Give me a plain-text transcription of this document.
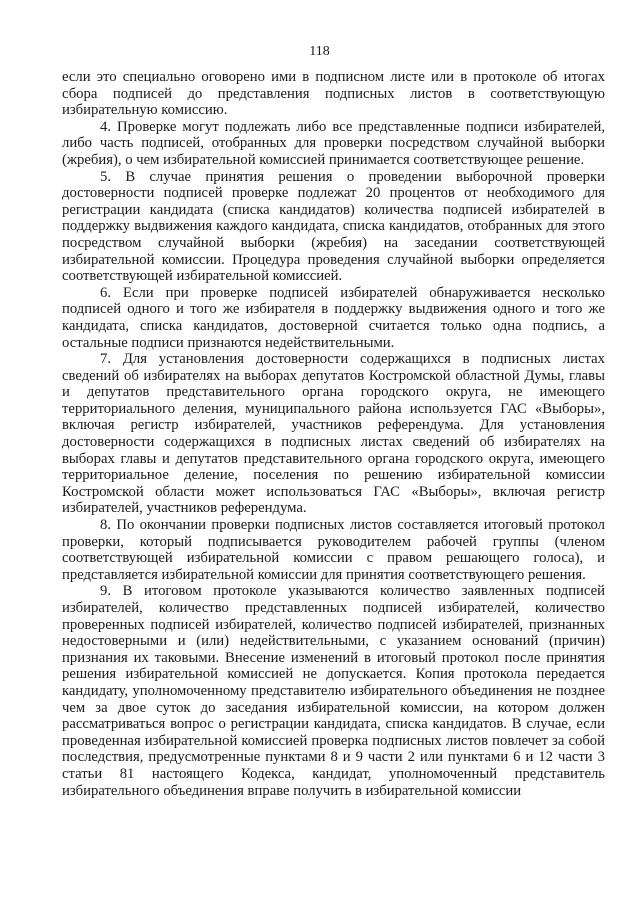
118

если это специально оговорено ими в подписном листе или в протоколе об итогах сбора подписей до представления подписных листов в соответствующую избирательную комиссию.

4. Проверке могут подлежать либо все представленные подписи избирателей, либо часть подписей, отобранных для проверки посредством случайной выборки (жребия), о чем избирательной комиссией принимается соответствующее решение.

5. В случае принятия решения о проведении выборочной проверки достоверности подписей проверке подлежат 20 процентов от необходимого для регистрации кандидата (списка кандидатов) количества подписей избирателей в поддержку выдвижения каждого кандидата, списка кандидатов, отобранных для этого посредством случайной выборки (жребия) на заседании соответствующей избирательной комиссии. Процедура проведения случайной выборки определяется соответствующей избирательной комиссией.

6. Если при проверке подписей избирателей обнаруживается несколько подписей одного и того же избирателя в поддержку выдвижения одного и того же кандидата, списка кандидатов, достоверной считается только одна подпись, а остальные подписи признаются недействительными.

7. Для установления достоверности содержащихся в подписных листах сведений об избирателях на выборах депутатов Костромской областной Думы, главы и депутатов представительного органа городского округа, не имеющего территориального деления, муниципального района используется ГАС «Выборы», включая регистр избирателей, участников референдума. Для установления достоверности содержащихся в подписных листах сведений об избирателях на выборах главы и депутатов представительного органа городского округа, имеющего территориальное деление, поселения по решению избирательной комиссии Костромской области может использоваться ГАС «Выборы», включая регистр избирателей, участников референдума.

8. По окончании проверки подписных листов составляется итоговый протокол проверки, который подписывается руководителем рабочей группы (членом соответствующей избирательной комиссии с правом решающего голоса), и представляется избирательной комиссии для принятия соответствующего решения.

9. В итоговом протоколе указываются количество заявленных подписей избирателей, количество представленных подписей избирателей, количество проверенных подписей избирателей, количество подписей избирателей, признанных недостоверными и (или) недействительными, с указанием оснований (причин) признания их таковыми. Внесение изменений в итоговый протокол после принятия решения избирательной комиссией не допускается. Копия протокола передается кандидату, уполномоченному представителю избирательного объединения не позднее чем за двое суток до заседания избирательной комиссии, на котором должен рассматриваться вопрос о регистрации кандидата, списка кандидатов. В случае, если проведенная избирательной комиссией проверка подписных листов повлечет за собой последствия, предусмотренные пунктами 8 и 9 части 2 или пунктами 6 и 12 части 3 статьи 81 настоящего Кодекса, кандидат, уполномоченный представитель избирательного объединения вправе получить в избирательной комиссии
